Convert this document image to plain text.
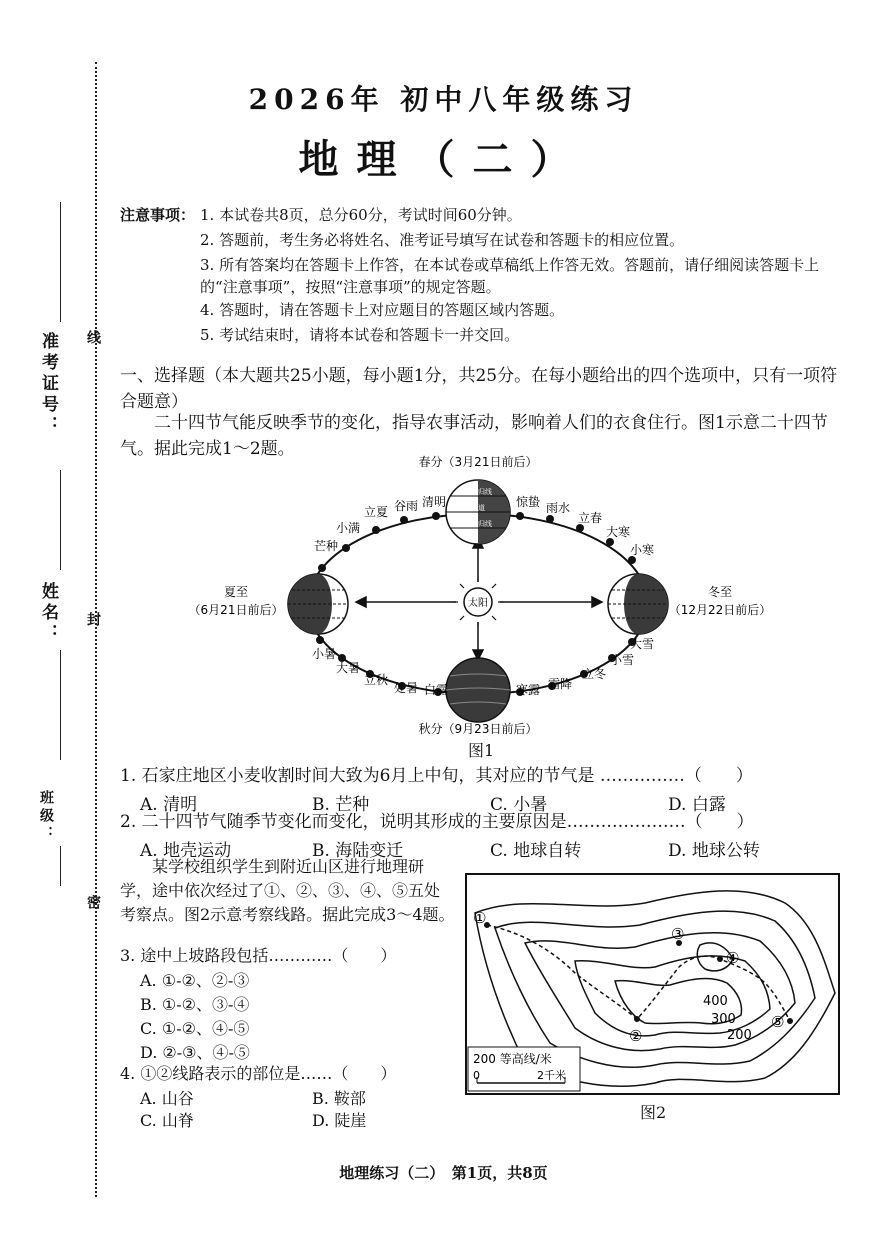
线
封
密
准考证号：
姓名：
班级：
2026年 初中八年级练习
地理（二）
注意事项： 1. 本试卷共8页，总分60分，考试时间60分钟。
2. 答题前，考生务必将姓名、准考证号填写在试卷和答题卡的相应位置。
3. 所有答案均在答题卡上作答，在本试卷或草稿纸上作答无效。答题前，请仔细阅读答题卡上的“注意事项”，按照“注意事项”的规定答题。
4. 答题时，请在答题卡上对应题目的答题区域内答题。
5. 考试结束时，请将本试卷和答题卡一并交回。
一、选择题（本大题共25小题，每小题1分，共25分。在每小题给出的四个选项中，只有一项符合题意）
二十四节气能反映季节的变化，指导农事活动，影响着人们的衣食住行。图1示意二十四节气。据此完成1～2题。
太阳
北回归线
赤道
南回归线
春分（3月21日前后）
秋分（9月23日前后）
夏至
（6月21日前后）
冬至
（12月22日前后）
小满
立夏 谷雨 清明
芒种
惊蛰 雨水
立春
大寒
小寒
小暑
大暑
立秋
处暑 白露	寒露 霜降
立冬
小雪
大雪
图1
1. 石家庄地区小麦收割时间大致为6月上中旬，其对应的节气是 ……………（　　）
A. 清明	B. 芒种	C. 小暑	D. 白露
2. 二十四节气随季节变化而变化，说明其形成的主要原因是…………………（　　）
A. 地壳运动	B. 海陆变迁	C. 地球自转	D. 地球公转
某学校组织学生到附近山区进行地理研学，途中依次经过了①、②、③、④、⑤五处考察点。图2示意考察线路。据此完成3～4题。
3. 途中上坡路段包括…………（　　）
A. ①-②、②-③
B. ①-②、③-④
C. ①-②、④-⑤
D. ②-③、④-⑤
4. ①②线路表示的部位是……（　　）
A. 山谷	B. 鞍部
C. 山脊	D. 陡崖
①
②
③
④
⑤
400
300
200
200 等高线/米
0	2千米
图2
地理练习（二）　第1页，共8页
